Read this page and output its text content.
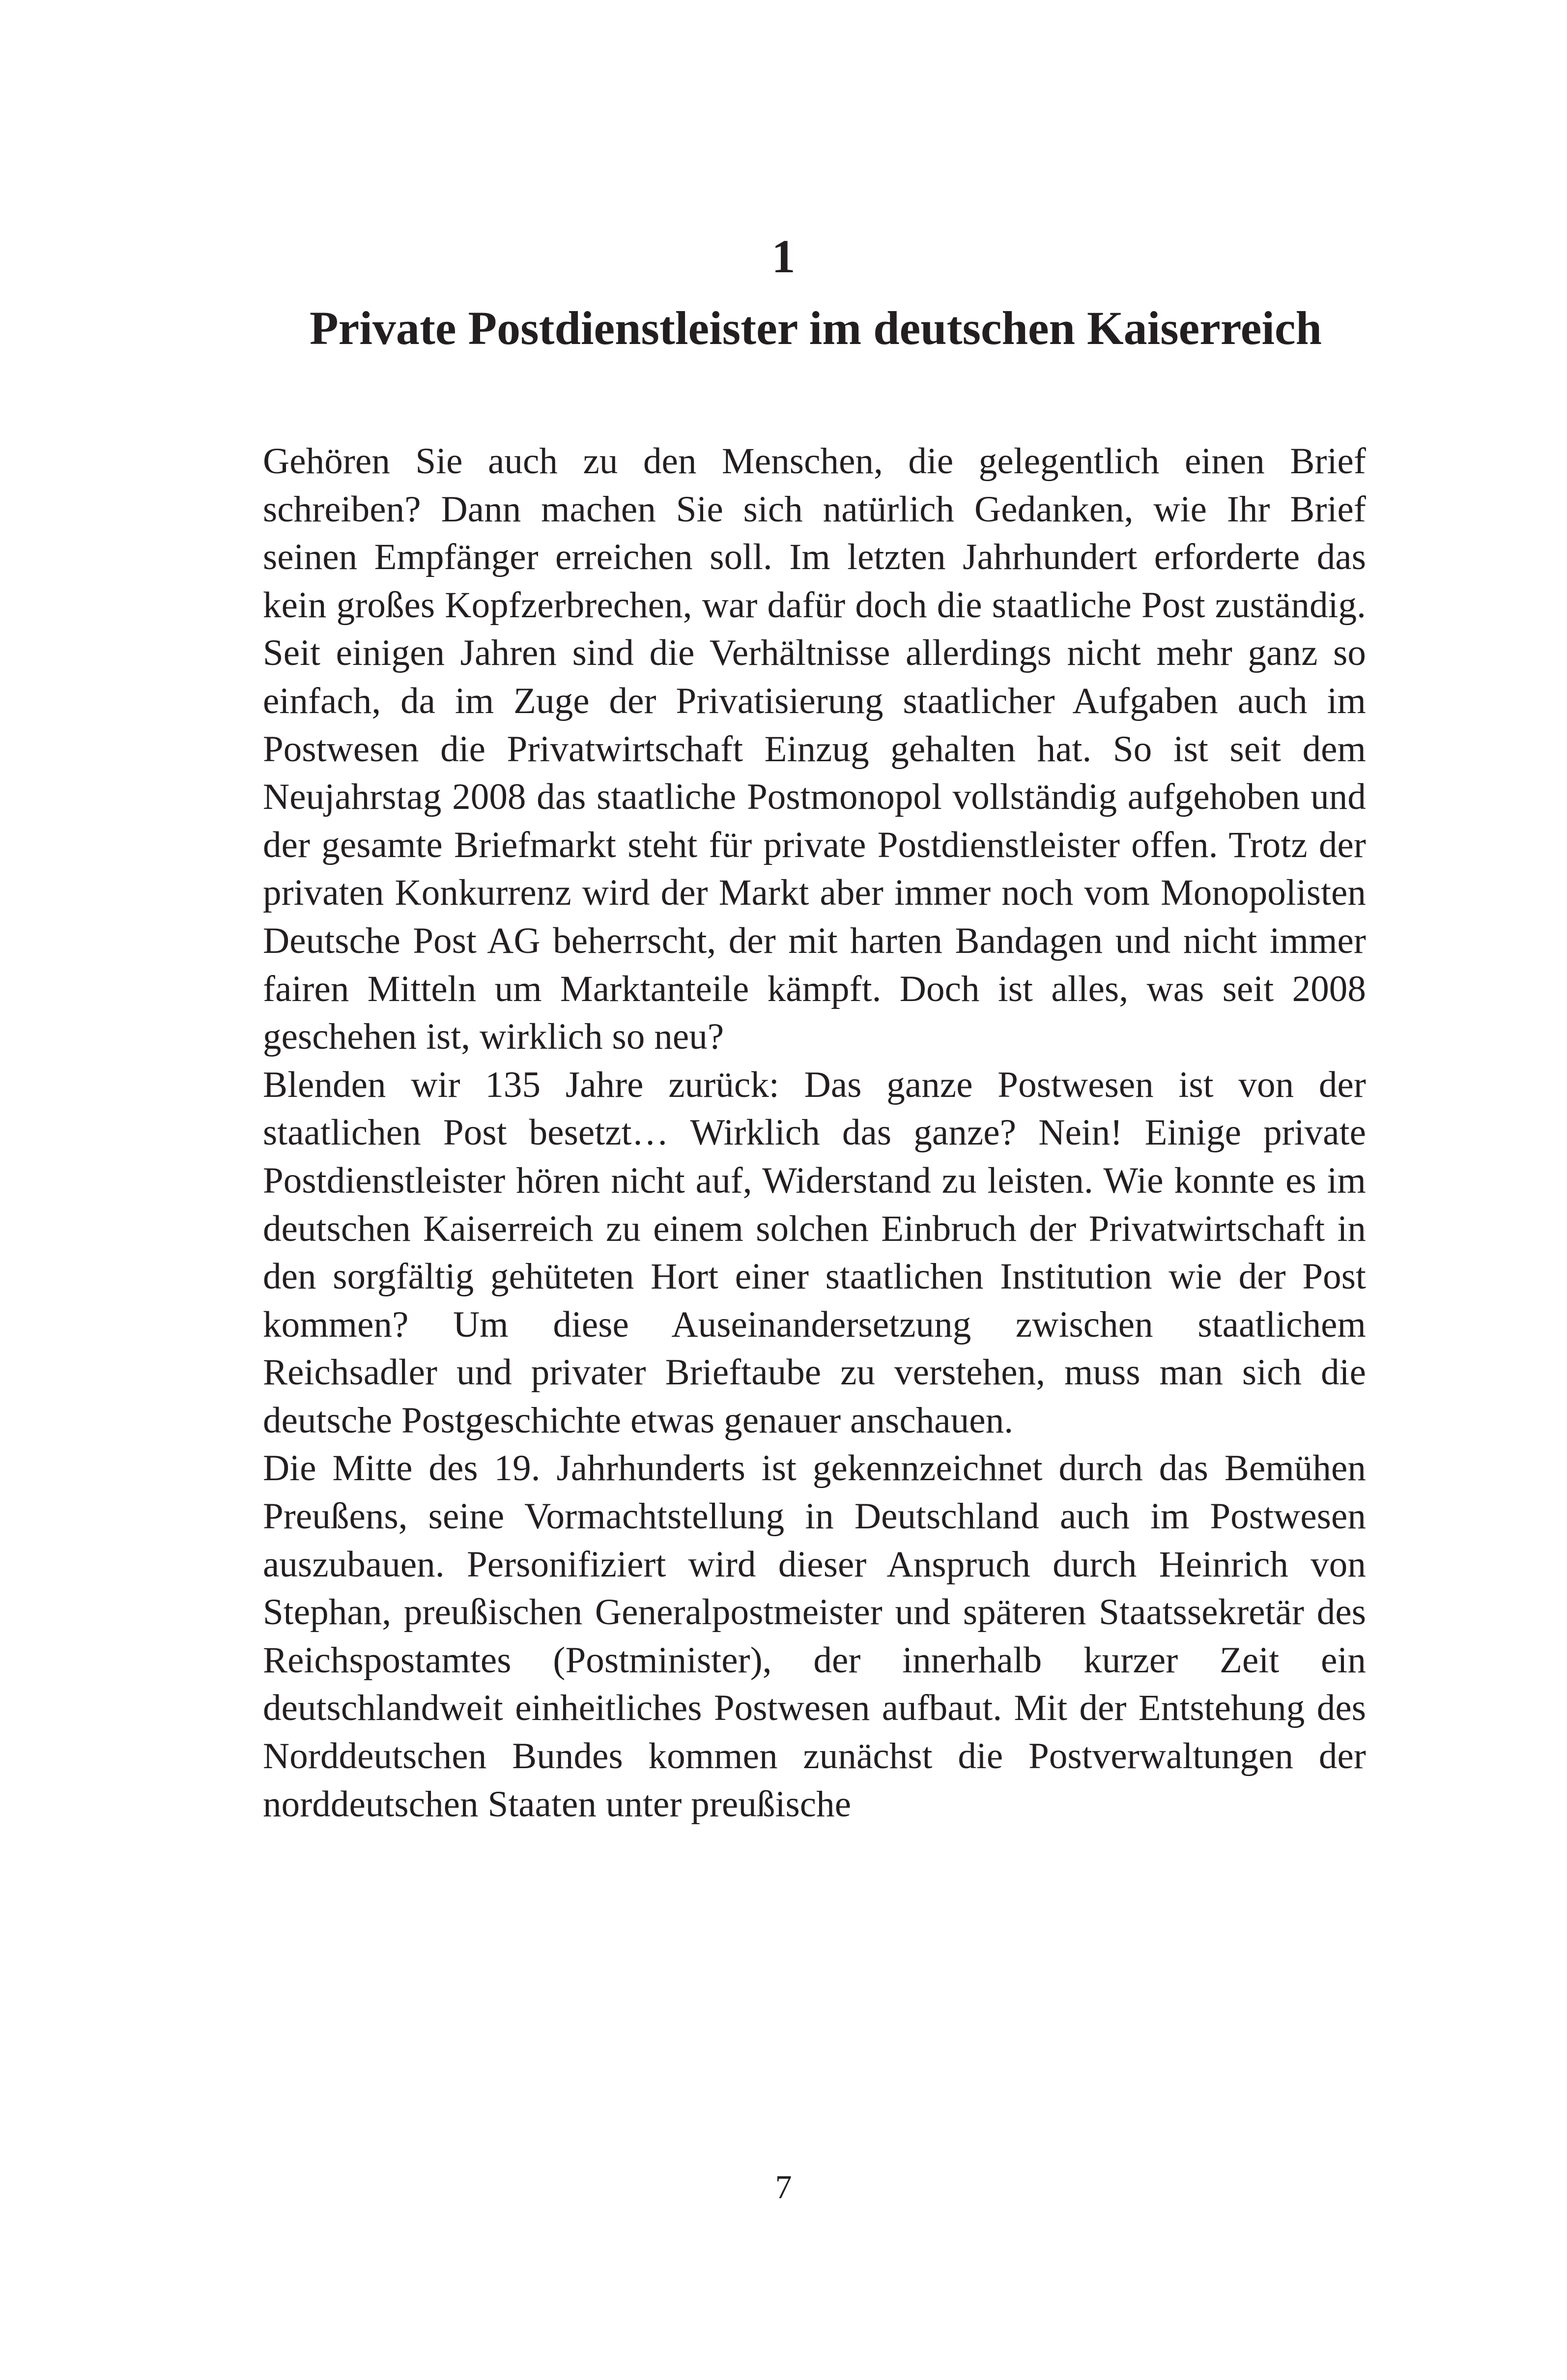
1
Private Postdienstleister im deutschen Kaiserreich

Gehören Sie auch zu den Menschen, die gelegentlich einen Brief schreiben? Dann machen Sie sich natürlich Gedanken, wie Ihr Brief seinen Empfänger erreichen soll. Im letzten Jahrhundert erforderte das kein großes Kopfzerbrechen, war dafür doch die staatliche Post zuständig. Seit einigen Jahren sind die Verhältnisse allerdings nicht mehr ganz so einfach, da im Zuge der Privatisierung staatlicher Aufgaben auch im Postwesen die Privatwirtschaft Einzug gehalten hat. So ist seit dem Neujahrstag 2008 das staatliche Postmonopol vollständig aufgehoben und der gesamte Briefmarkt steht für private Postdienstleister offen. Trotz der privaten Konkurrenz wird der Markt aber immer noch vom Monopolisten Deutsche Post AG beherrscht, der mit harten Bandagen und nicht immer fairen Mitteln um Marktanteile kämpft. Doch ist alles, was seit 2008 geschehen ist, wirklich so neu?

Blenden wir 135 Jahre zurück: Das ganze Postwesen ist von der staatlichen Post besetzt… Wirklich das ganze? Nein! Einige private Postdienstleister hören nicht auf, Widerstand zu leisten. Wie konnte es im deutschen Kaiserreich zu einem solchen Einbruch der Privatwirtschaft in den sorgfältig gehüteten Hort einer staatlichen Institution wie der Post kommen? Um diese Auseinandersetzung zwischen staatlichem Reichsadler und privater Brieftaube zu verstehen, muss man sich die deutsche Postgeschichte etwas genauer anschauen.

Die Mitte des 19. Jahrhunderts ist gekennzeichnet durch das Bemühen Preußens, seine Vormachtstellung in Deutschland auch im Postwesen auszubauen. Personifiziert wird dieser Anspruch durch Heinrich von Stephan, preußischen Generalpostmeister und späteren Staatssekretär des Reichspostamtes (Postminister), der innerhalb kurzer Zeit ein deutschlandweit einheitliches Postwesen aufbaut. Mit der Entstehung des Norddeutschen Bundes kommen zunächst die Postverwaltungen der norddeutschen Staaten unter preußische

7
